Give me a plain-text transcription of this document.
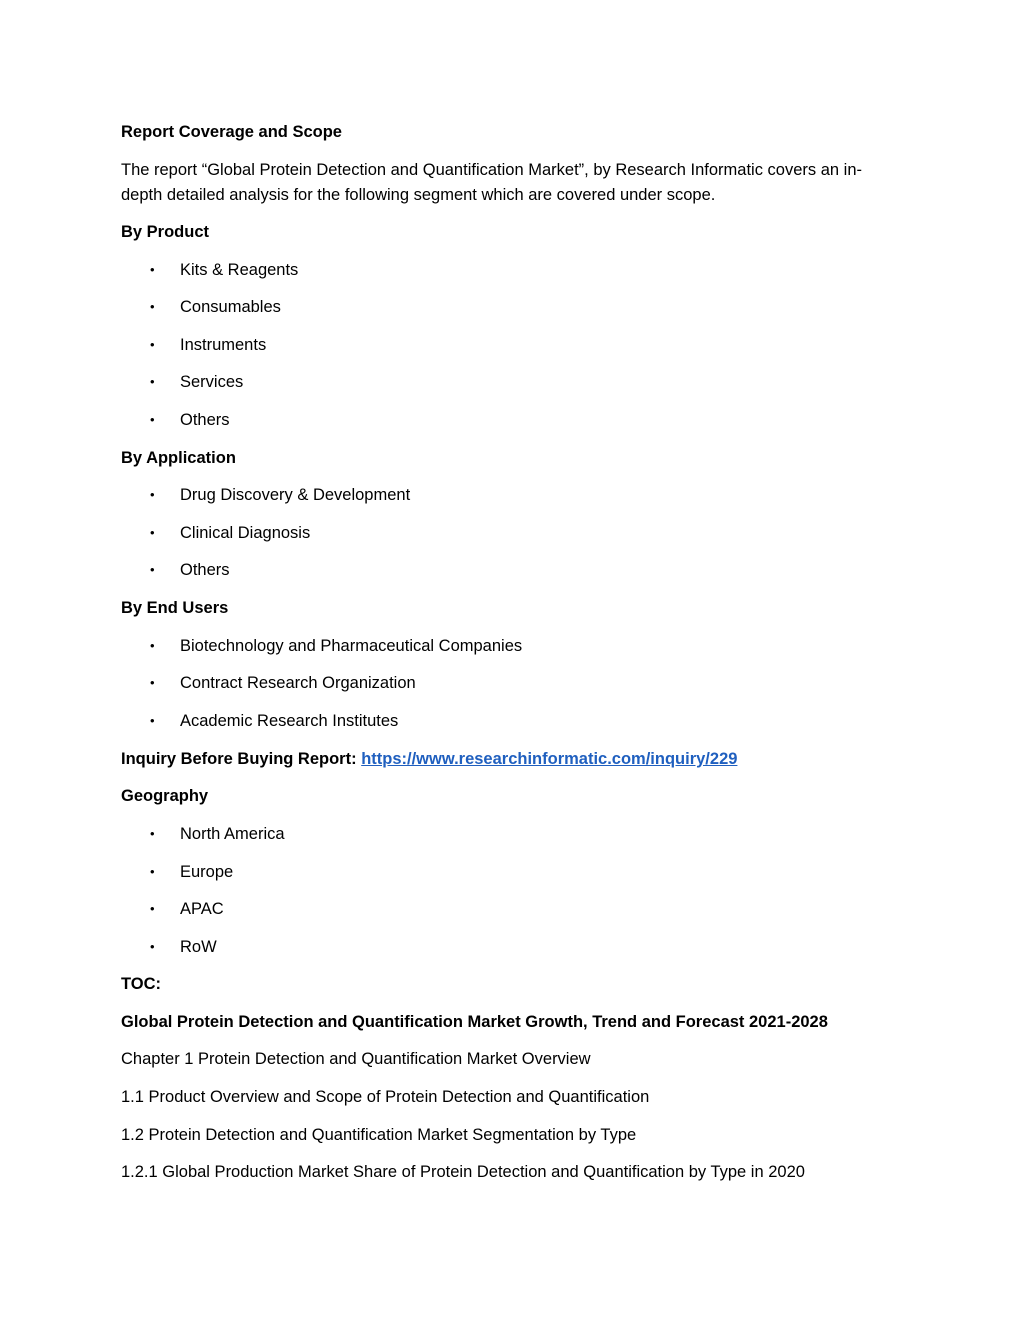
Report Coverage and Scope
The report “Global Protein Detection and Quantification Market”, by Research Informatic covers an in-depth detailed analysis for the following segment which are covered under scope.
By Product
• Kits & Reagents
• Consumables
• Instruments
• Services
• Others
By Application
• Drug Discovery & Development
• Clinical Diagnosis
• Others
By End Users
• Biotechnology and Pharmaceutical Companies
• Contract Research Organization
• Academic Research Institutes
Inquiry Before Buying Report: https://www.researchinformatic.com/inquiry/229
Geography
• North America
• Europe
• APAC
• RoW
TOC:
Global Protein Detection and Quantification Market Growth, Trend and Forecast 2021-2028
Chapter 1 Protein Detection and Quantification Market Overview
1.1 Product Overview and Scope of Protein Detection and Quantification
1.2 Protein Detection and Quantification Market Segmentation by Type
1.2.1 Global Production Market Share of Protein Detection and Quantification by Type in 2020
